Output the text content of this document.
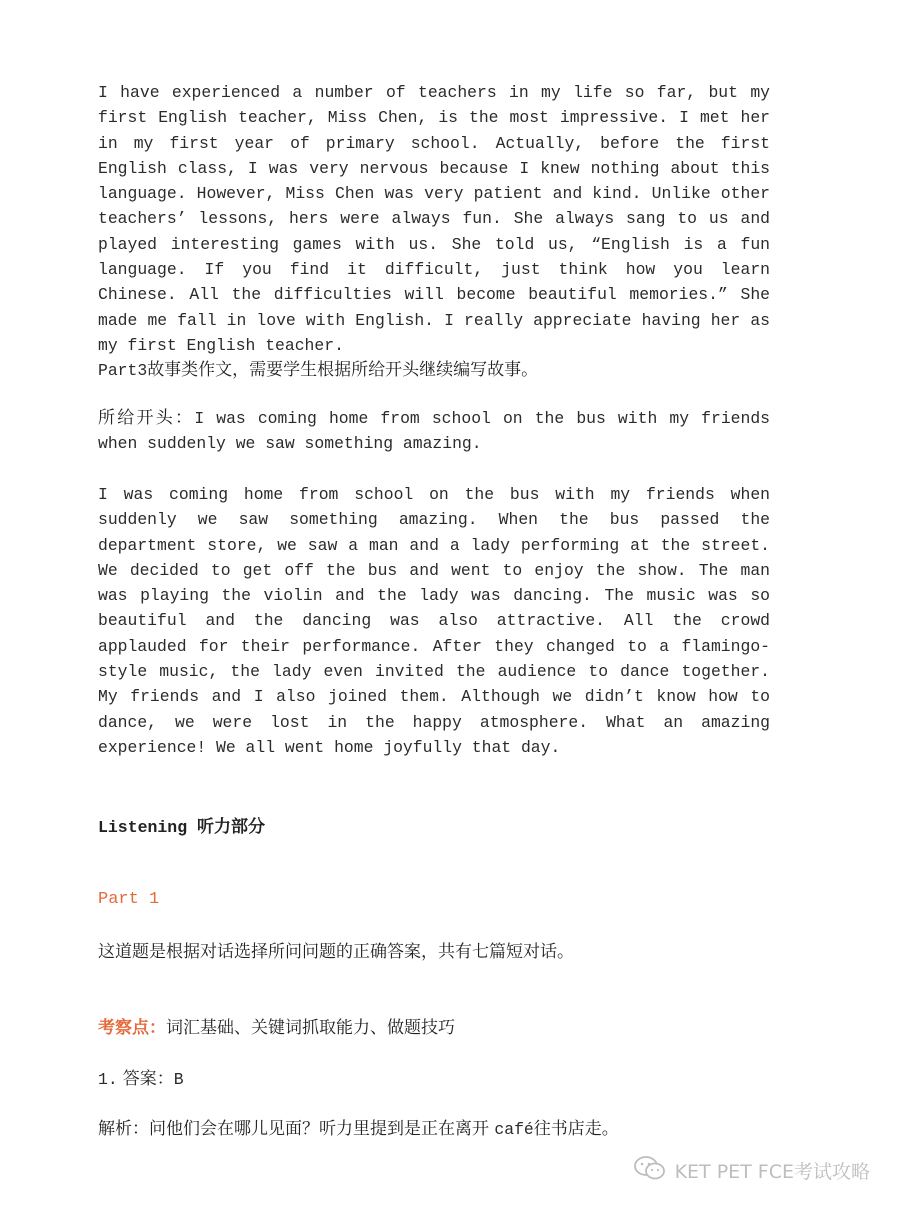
I have experienced a number of teachers in my life so far, but my first English teacher, Miss Chen, is the most impressive. I met her in my first year of primary school. Actually, before the first English class, I was very nervous because I knew nothing about this language. However, Miss Chen was very patient and kind. Unlike other teachers’ lessons, hers were always fun. She always sang to us and played interesting games with us. She told us, “English is a fun language. If you find it difficult, just think how you learn Chinese. All the difficulties will become beautiful memories.” She made me fall in love with English. I really appreciate having her as my first English teacher.

Part3故事类作文，需要学生根据所给开头继续编写故事。

所给开头：I was coming home from school on the bus with my friends when suddenly we saw something amazing.

I was coming home from school on the bus with my friends when suddenly we saw something amazing. When the bus passed the department store, we saw a man and a lady performing at the street. We decided to get off the bus and went to enjoy the show. The man was playing the violin and the lady was dancing. The music was so beautiful and the dancing was also attractive. All the crowd applauded for their performance. After they changed to a flamingo-style music, the lady even invited the audience to dance together. My friends and I also joined them. Although we didn’t know how to dance, we were lost in the happy atmosphere. What an amazing experience! We all went home joyfully that day.

Listening 听力部分
Part 1
这道题是根据对话选择所问问题的正确答案，共有七篇短对话。
考察点：词汇基础、关键词抓取能力、做题技巧
1. 答案：B
解析：问他们会在哪儿见面？听力里提到是正在离开 café往书店走。
KET PET FCE考试攻略
